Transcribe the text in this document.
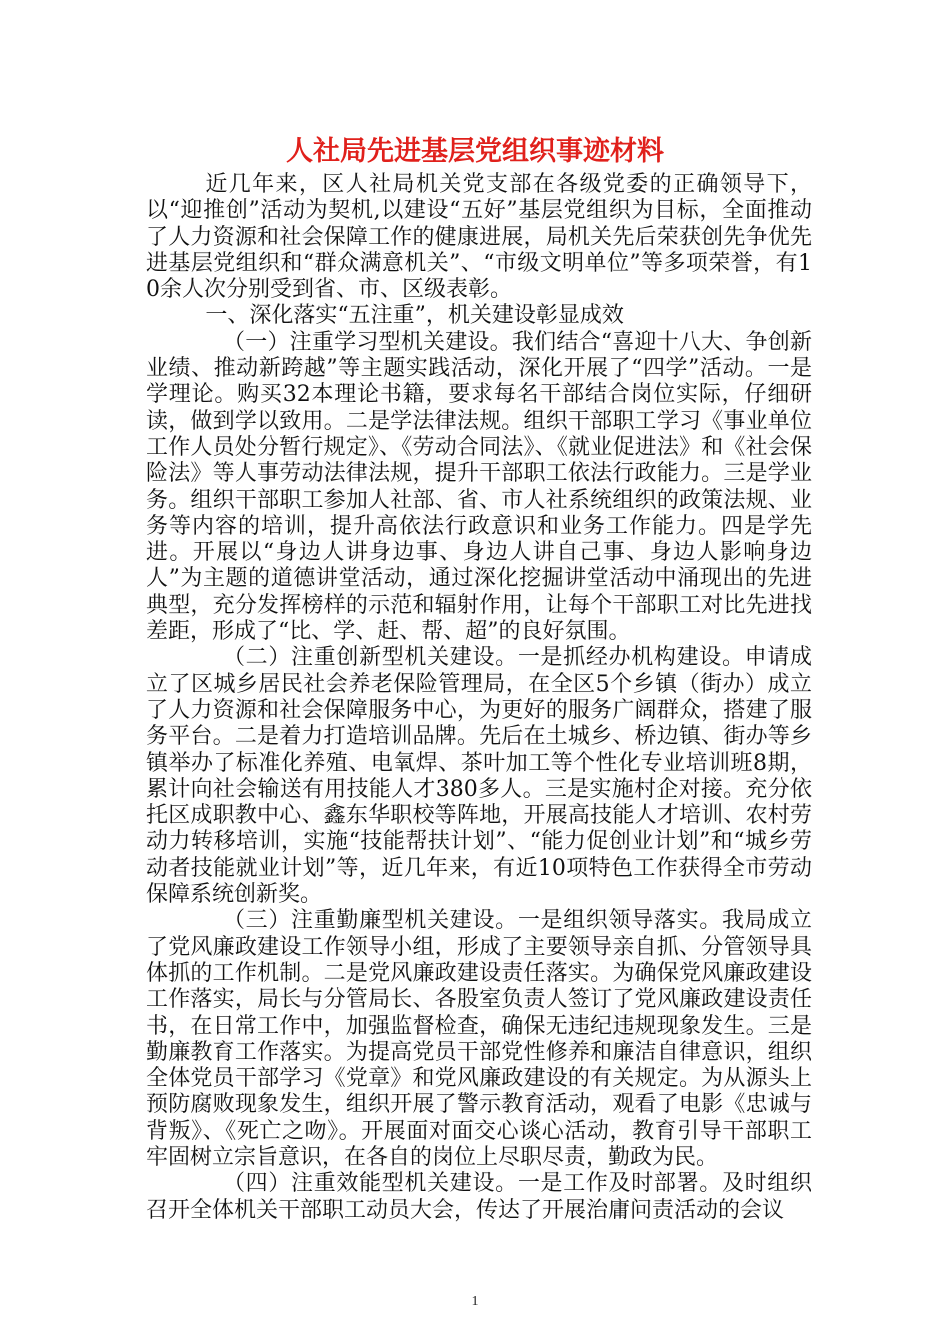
人社局先进基层党组织事迹材料

近几年来，区人社局机关党支部在各级党委的正确领导下，以“迎推创”活动为契机,以建设“五好”基层党组织为目标，全面推动了人力资源和社会保障工作的健康进展，局机关先后荣获创先争优先进基层党组织和“群众满意机关”、“市级文明单位”等多项荣誉，有10余人次分别受到省、市、区级表彰。

一、深化落实“五注重”，机关建设彰显成效

（一）注重学习型机关建设。我们结合“喜迎十八大、争创新业绩、推动新跨越”等主题实践活动，深化开展了“四学”活动。一是学理论。购买32本理论书籍，要求每名干部结合岗位实际，仔细研读，做到学以致用。二是学法律法规。组织干部职工学习《事业单位工作人员处分暂行规定》、《劳动合同法》、《就业促进法》和《社会保险法》等人事劳动法律法规，提升干部职工依法行政能力。三是学业务。组织干部职工参加人社部、省、市人社系统组织的政策法规、业务等内容的培训，提升高依法行政意识和业务工作能力。四是学先进。开展以“身边人讲身边事、身边人讲自己事、身边人影响身边人”为主题的道德讲堂活动，通过深化挖掘讲堂活动中涌现出的先进典型，充分发挥榜样的示范和辐射作用，让每个干部职工对比先进找差距，形成了“比、学、赶、帮、超”的良好氛围。

（二）注重创新型机关建设。一是抓经办机构建设。申请成立了区城乡居民社会养老保险管理局，在全区5个乡镇（街办）成立了人力资源和社会保障服务中心，为更好的服务广阔群众，搭建了服务平台。二是着力打造培训品牌。先后在土城乡、桥边镇、街办等乡镇举办了标准化养殖、电氧焊、茶叶加工等个性化专业培训班8期，累计向社会输送有用技能人才380多人。三是实施村企对接。充分依托区成职教中心、鑫东华职校等阵地，开展高技能人才培训、农村劳动力转移培训，实施“技能帮扶计划”、“能力促创业计划”和“城乡劳动者技能就业计划”等，近几年来，有近10项特色工作获得全市劳动保障系统创新奖。

（三）注重勤廉型机关建设。一是组织领导落实。我局成立了党风廉政建设工作领导小组，形成了主要领导亲自抓、分管领导具体抓的工作机制。二是党风廉政建设责任落实。为确保党风廉政建设工作落实，局长与分管局长、各股室负责人签订了党风廉政建设责任书，在日常工作中，加强监督检查，确保无违纪违规现象发生。三是勤廉教育工作落实。为提高党员干部党性修养和廉洁自律意识，组织全体党员干部学习《党章》和党风廉政建设的有关规定。为从源头上预防腐败现象发生，组织开展了警示教育活动，观看了电影《忠诚与背叛》、《死亡之吻》。开展面对面交心谈心活动，教育引导干部职工牢固树立宗旨意识，在各自的岗位上尽职尽责，勤政为民。

（四）注重效能型机关建设。一是工作及时部署。及时组织召开全体机关干部职工动员大会，传达了开展治庸问责活动的会议

1
